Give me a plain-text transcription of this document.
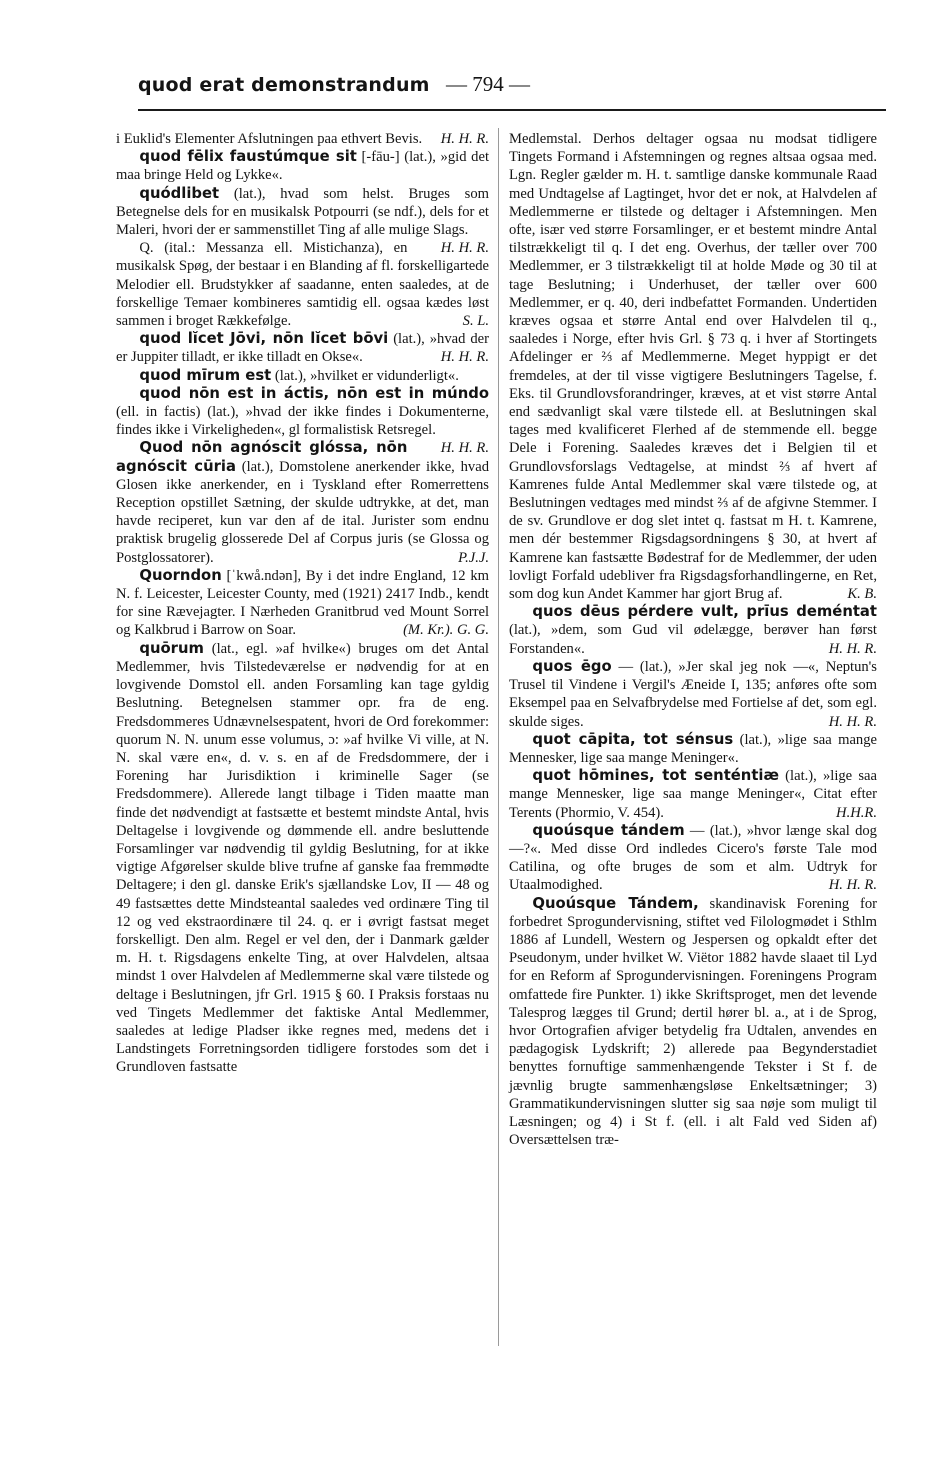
quod erat demonstrandum — 794 —

i Euklid's Elementer Afslutningen paa ethvert Bevis. H. H. R.

quod fēlix faustúmque sit [-fāu-] (lat.), »gid det maa bringe Held og Lykke«.

quódlibet (lat.), hvad som helst. Bruges som Betegnelse dels for en musikalsk Potpourri (se ndf.), dels for et Maleri, hvori der er sammenstillet Ting af alle mulige Slags.
H. H. R.

Q. (ital.: Messanza ell. Mistichanza), en musikalsk Spøg, der bestaar i en Blanding af fl. forskelligartede Melodier ell. Brudstykker af saadanne, enten saaledes, at de forskellige Temaer kombineres samtidig ell. ogsaa kædes løst sammen i broget Rækkefølge.	S. L.

quod lĭcet Jōvi, nōn lĭcet bōvi (lat.), »hvad der er Juppiter tilladt, er ikke tilladt en Okse«.	H. H. R.

quod mīrum est (lat.), »hvilket er vidunderligt«.

quod nōn est in áctis, nōn est in múndo (ell. in factis) (lat.), »hvad der ikke findes i Dokumenterne, findes ikke i Virkeligheden«, gl formalistisk Retsregel.
H. H. R.

Quod nōn agnóscit glóssa, nōn agnóscit cūria (lat.), Domstolene anerkender ikke, hvad Glosen ikke anerkender, en i Tyskland efter Romerrettens Reception opstillet Sætning, der skulde udtrykke, at det, man havde reciperet, kun var den af de ital. Jurister som endnu praktisk brugelig glosserede Del af Corpus juris (se Glossa og Postglossatorer).	P.J.J.

Quorndon [ˈkwå.ndən], By i det indre England, 12 km N. f. Leicester, Leicester County, med (1921) 2417 Indb., kendt for sine Rævejagter. I Nærheden Granitbrud ved Mount Sorrel og Kalkbrud i Barrow on Soar.	(M. Kr.). G. G.

quōrum (lat., egl. »af hvilke«) bruges om det Antal Medlemmer, hvis Tilstedeværelse er nødvendig for at en lovgivende Domstol ell. anden Forsamling kan tage gyldig Beslutning. Betegnelsen stammer opr. fra de eng. Fredsdommeres Udnævnelsespatent, hvori de Ord forekommer: quorum N. N. unum esse volumus, ɔ: »af hvilke Vi ville, at N. N. skal være en«, d. v. s. en af de Fredsdommere, der i Forening har Jurisdiktion i kriminelle Sager (se Fredsdommere). Allerede langt tilbage i Tiden maatte man finde det nødvendigt at fastsætte et bestemt mindste Antal, hvis Deltagelse i lovgivende og dømmende ell. andre besluttende Forsamlinger var nødvendig til gyldig Beslutning, for at ikke vigtige Afgørelser skulde blive trufne af ganske faa fremmødte Deltagere; i den gl. danske Erik's sjællandske Lov, II — 48 og 49 fastsættes dette Mindsteantal saaledes ved ordinære Ting til 12 og ved ekstraordinære til 24. q. er i øvrigt fastsat meget forskelligt. Den alm. Regel er vel den, der i Danmark gælder m. H. t. Rigsdagens enkelte Ting, at over Halvdelen, altsaa mindst 1 over Halvdelen af Medlemmerne skal være tilstede og deltage i Beslutningen, jfr Grl. 1915 § 60. I Praksis forstaas nu ved Tingets Medlemmer det faktiske Antal Medlemmer, saaledes at ledige Pladser ikke regnes med, medens det i Landstingets Forretningsorden tidligere forstodes som det i Grundloven fastsatte

Medlemstal. Derhos deltager ogsaa nu modsat tidligere Tingets Formand i Afstemningen og regnes altsaa ogsaa med. Lgn. Regler gælder m. H. t. samtlige danske kommunale Raad med Undtagelse af Lagtinget, hvor det er nok, at Halvdelen af Medlemmerne er tilstede og deltager i Afstemningen. Men ofte, især ved større Forsamlinger, er et bestemt mindre Antal tilstrækkeligt til q. I det eng. Overhus, der tæller over 700 Medlemmer, er 3 tilstrækkeligt til at holde Møde og 30 til at tage Beslutning; i Underhuset, der tæller over 600 Medlemmer, er q. 40, deri indbefattet Formanden. Undertiden kræves ogsaa et større Antal end over Halvdelen til q., saaledes i Norge, efter hvis Grl. § 73 q. i hver af Stortingets Afdelinger er ⅔ af Medlemmerne. Meget hyppigt er det fremdeles, at der til visse vigtigere Beslutningers Tagelse, f. Eks. til Grundlovsforandringer, kræves, at et vist større Antal end sædvanligt skal være tilstede ell. at Beslutningen skal tages med kvalificeret Flerhed af de stemmende ell. begge Dele i Forening. Saaledes kræves det i Belgien til et Grundlovsforslags Vedtagelse, at mindst ⅔ af hvert af Kamrenes fulde Antal Medlemmer skal være tilstede og, at Beslutningen vedtages med mindst ⅔ af de afgivne Stemmer. I de sv. Grundlove er dog slet intet q. fastsat m H. t. Kamrene, men dér bestemmer Rigsdagsordningens § 30, at hvert af Kamrene kan fastsætte Bødestraf for de Medlemmer, der uden lovligt Forfald udebliver fra Rigsdagsforhandlingerne, en Ret, som dog kun Andet Kammer har gjort Brug af.	K. B.

quos dēus pérdere vult, prīus deméntat (lat.), »dem, som Gud vil ødelægge, berøver han først Forstanden«.	H. H. R.

quos ēgo — (lat.), »Jer skal jeg nok —«, Neptun's Trusel til Vindene i Vergil's Æneide I, 135; anføres ofte som Eksempel paa en Selvafbrydelse med Fortielse af det, som egl. skulde siges.	H. H. R.

quot cāpita, tot sénsus (lat.), »lige saa mange Mennesker, lige saa mange Meninger«.

quot hōmines, tot senténtiæ (lat.), »lige saa mange Mennesker, lige saa mange Meninger«, Citat efter Terents (Phormio, V. 454).	H.H.R.

quoúsque tándem — (lat.), »hvor længe skal dog —?«. Med disse Ord indledes Cicero's første Tale mod Catilina, og ofte bruges de som et alm. Udtryk for Utaalmodighed.	H. H. R.

Quoúsque Tándem, skandinavisk Forening for forbedret Sprogundervisning, stiftet ved Filologmødet i Sthlm 1886 af Lundell, Western og Jespersen og opkaldt efter det Pseudonym, under hvilket W. Viëtor 1882 havde slaaet til Lyd for en Reform af Sprogundervisningen. Foreningens Program omfattede fire Punkter. 1) ikke Skriftsproget, men det levende Talesprog lægges til Grund; dertil hører bl. a., at i de Sprog, hvor Ortografien afviger betydelig fra Udtalen, anvendes en pædagogisk Lydskrift; 2) allerede paa Begynderstadiet benyttes fornuftige sammenhængende Tekster i St f. de jævnlig brugte sammenhængsløse Enkeltsætninger; 3) Grammatikundervisningen slutter sig saa nøje som muligt til Læsningen; og 4) i St f. (ell. i alt Fald ved Siden af) Oversættelsen træ-
